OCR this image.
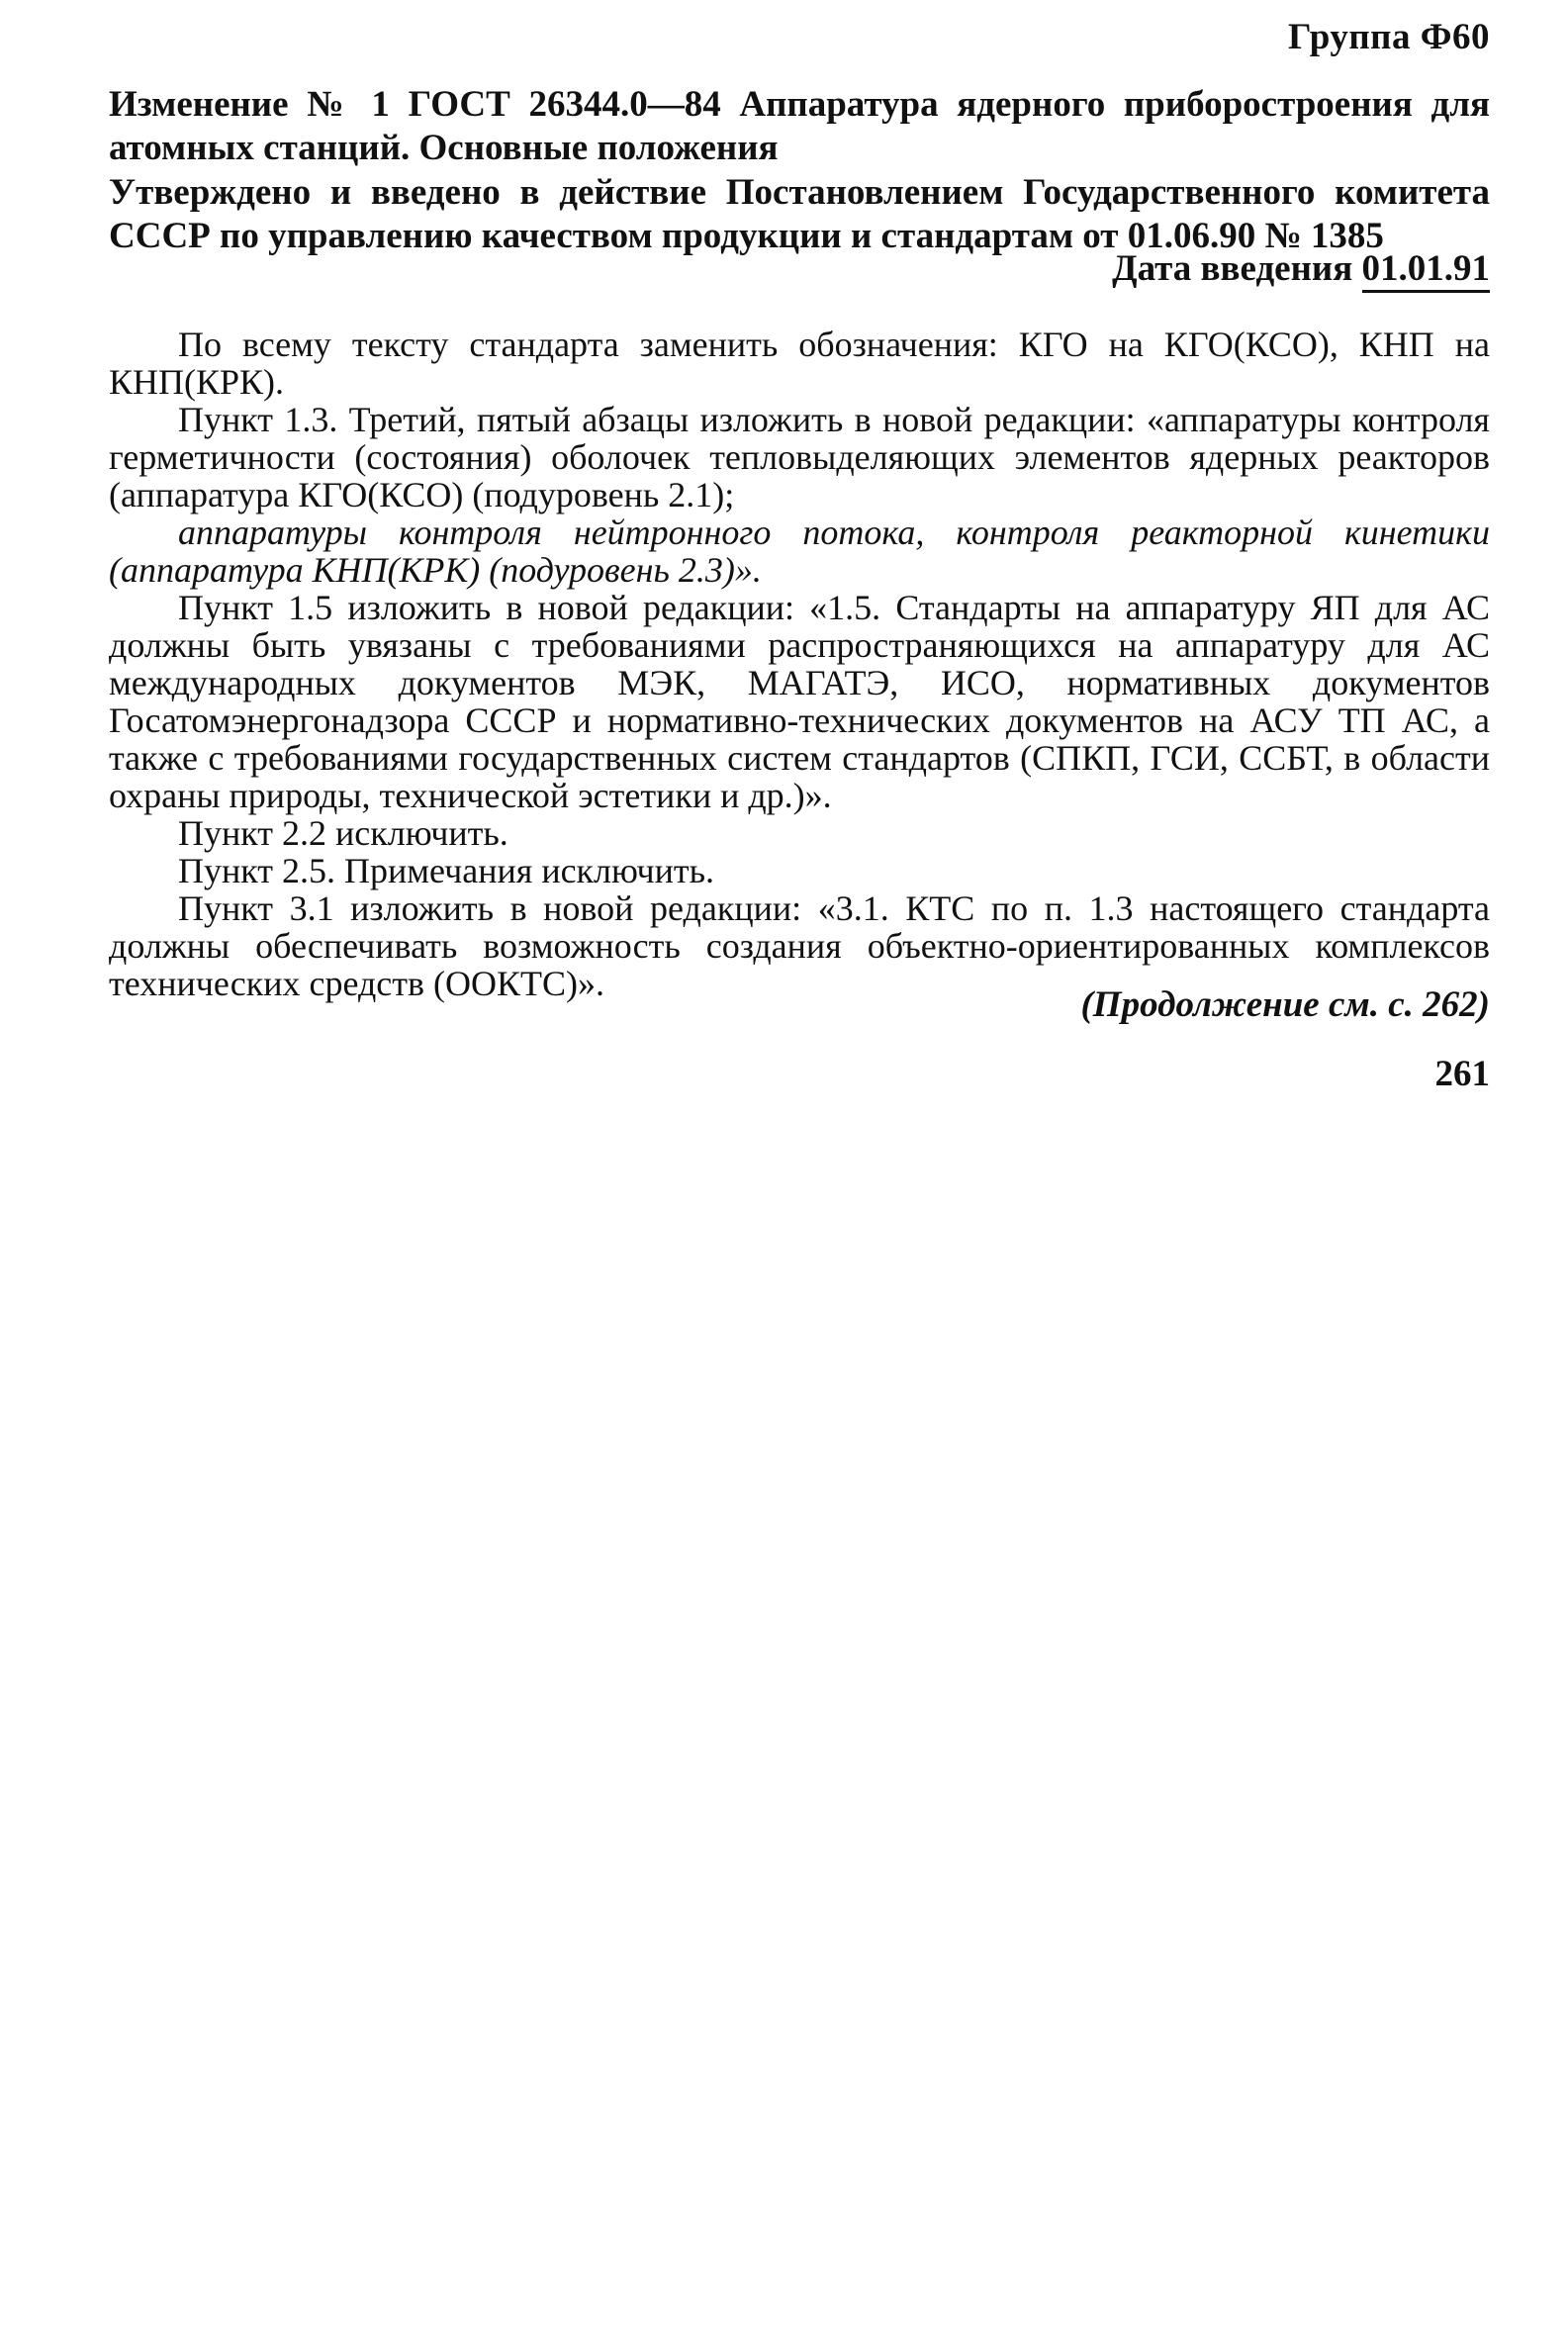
Группа Ф60
Изменение № 1 ГОСТ 26344.0—84 Аппаратура ядерного приборостроения для атомных станций. Основные положения
Утверждено и введено в действие Постановлением Государственного комитета СССР по управлению качеством продукции и стандартам от 01.06.90 № 1385
Дата введения 01.01.91

По всему тексту стандарта заменить обозначения: КГО на КГО(КСО), КНП на КНП(КРК).

Пункт 1.3. Третий, пятый абзацы изложить в новой редакции: «аппаратуры контроля герметичности (состояния) оболочек тепловыделяющих элементов ядерных реакторов (аппаратура КГО(КСО) (подуровень 2.1);

аппаратуры контроля нейтронного потока, контроля реакторной кинетики (аппаратура КНП(КРК) (подуровень 2.3)».

Пункт 1.5 изложить в новой редакции: «1.5. Стандарты на аппаратуру ЯП для АС должны быть увязаны с требованиями распространяющихся на аппаратуру для АС международных документов МЭК, МАГАТЭ, ИСО, нормативных документов Госатомэнергонадзора СССР и нормативно-технических документов на АСУ ТП АС, а также с требованиями государственных систем стандартов (СПКП, ГСИ, ССБТ, в области охраны природы, технической эстетики и др.)».

Пункт 2.2 исключить.

Пункт 2.5. Примечания исключить.

Пункт 3.1 изложить в новой редакции: «3.1. КТС по п. 1.3 настоящего стандарта должны обеспечивать возможность создания объектно-ориентированных комплексов технических средств (ООКТС)».

(Продолжение см. с. 262)
261
